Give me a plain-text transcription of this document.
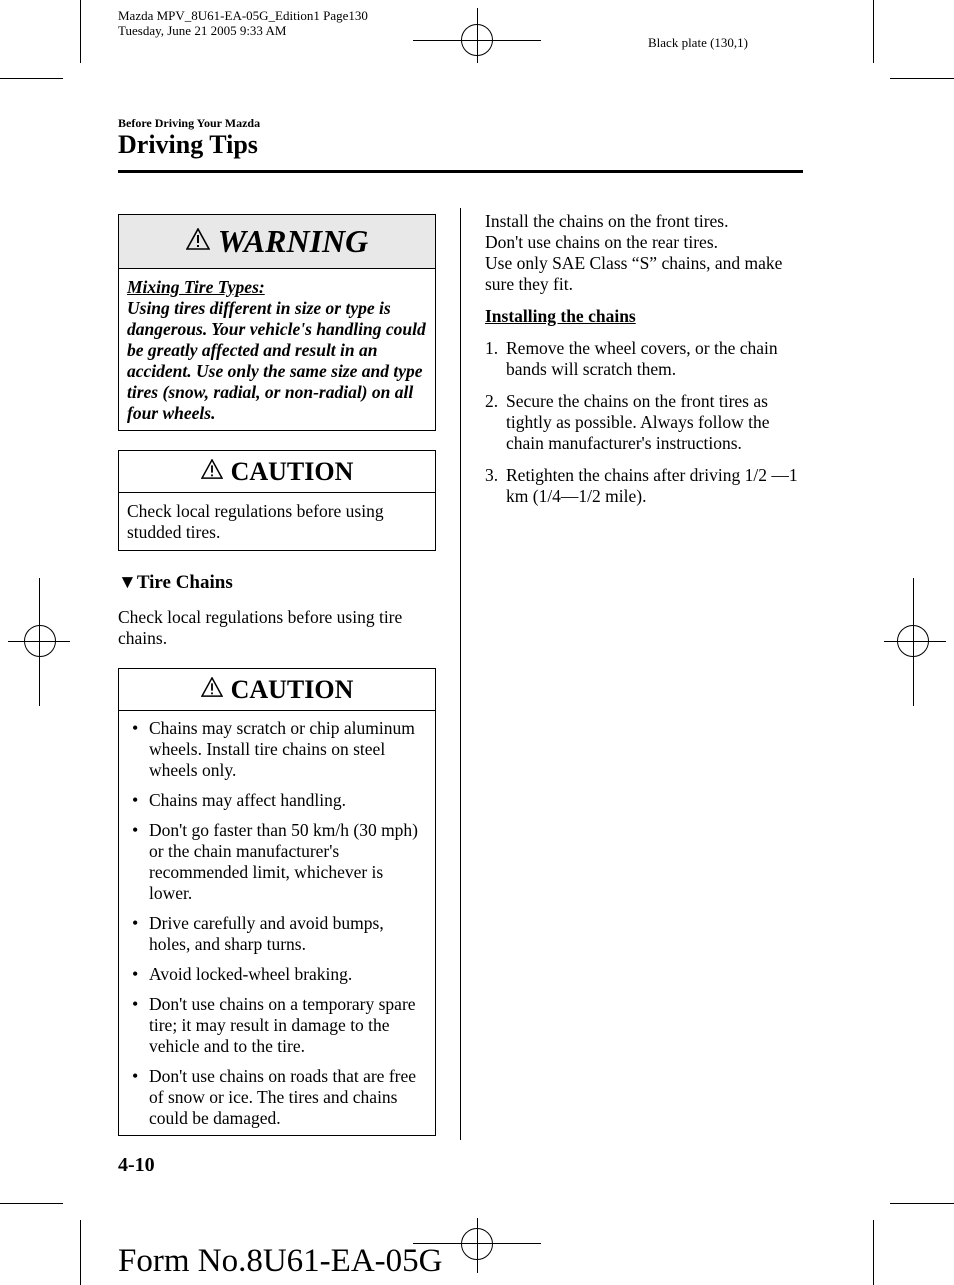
Mazda MPV_8U61-EA-05G_Edition1 Page130
Tuesday, June 21 2005 9:33 AM
Black plate (130,1)
Before Driving Your Mazda
Driving Tips
WARNING
Mixing Tire Types:
Using tires different in size or type is dangerous. Your vehicle's handling could be greatly affected and result in an accident. Use only the same size and type tires (snow, radial, or non-radial) on all four wheels.
CAUTION
Check local regulations before using studded tires.
▼Tire Chains
Check local regulations before using tire chains.
CAUTION
• Chains may scratch or chip aluminum wheels. Install tire chains on steel wheels only.
• Chains may affect handling.
• Don't go faster than 50 km/h (30 mph) or the chain manufacturer's recommended limit, whichever is lower.
• Drive carefully and avoid bumps, holes, and sharp turns.
• Avoid locked-wheel braking.
• Don't use chains on a temporary spare tire; it may result in damage to the vehicle and to the tire.
• Don't use chains on roads that are free of snow or ice. The tires and chains could be damaged.
Install the chains on the front tires.
Don't use chains on the rear tires.
Use only SAE Class “S” chains, and make sure they fit.
Installing the chains
1. Remove the wheel covers, or the chain bands will scratch them.
2. Secure the chains on the front tires as tightly as possible. Always follow the chain manufacturer's instructions.
3. Retighten the chains after driving 1/2 ―1 km (1/4―1/2 mile).
4-10
Form No.8U61-EA-05G
